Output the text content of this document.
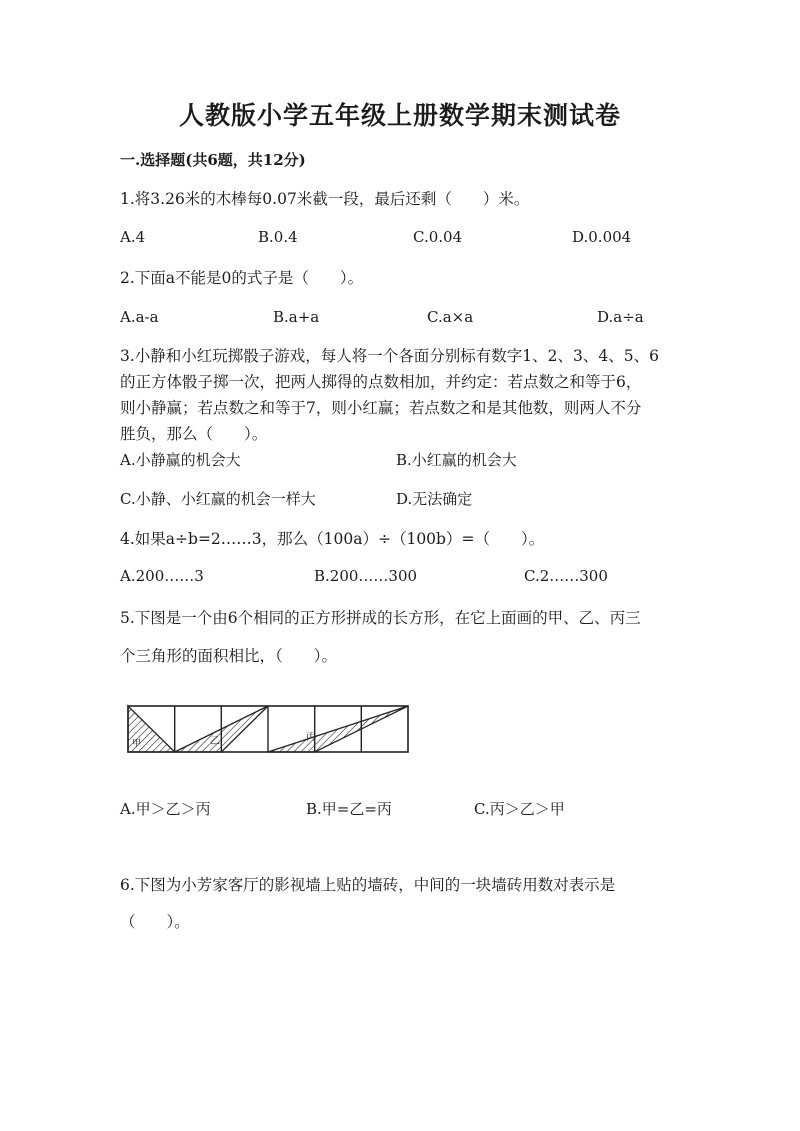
人教版小学五年级上册数学期末测试卷
一.选择题(共6题，共12分)
1.将3.26米的木棒每0.07米截一段，最后还剩（　　）米。
A.4	B.0.4	C.0.04	D.0.004
2.下面a不能是0的式子是（　　）。
A.a-a	B.a+a	C.a×a	D.a÷a
3.小静和小红玩掷骰子游戏，每人将一个各面分别标有数字1、2、3、4、5、6
的正方体骰子掷一次，把两人掷得的点数相加，并约定：若点数之和等于6，
则小静赢；若点数之和等于7，则小红赢；若点数之和是其他数，则两人不分
胜负，那么（　　）。
A.小静赢的机会大	B.小红赢的机会大
C.小静、小红赢的机会一样大	D.无法确定
4.如果a÷b=2……3，那么（100a）÷（100b）=（　　）。
A.200……3	B.200……300	C.2……300
5.下图是一个由6个相同的正方形拼成的长方形，在它上面画的甲、乙、丙三
个三角形的面积相比，（　　）。
甲	乙	丙
A.甲＞乙＞丙	B.甲=乙=丙	C.丙＞乙＞甲
6.下图为小芳家客厅的影视墙上贴的墙砖，中间的一块墙砖用数对表示是
（　　）。
